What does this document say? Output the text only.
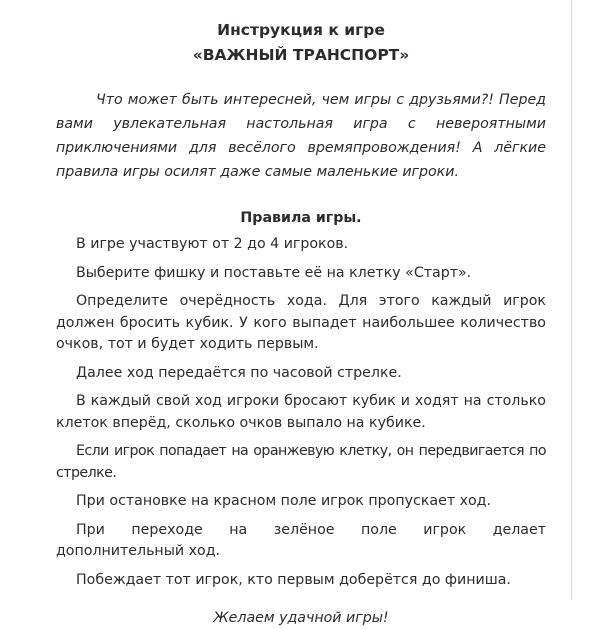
Инструкция к игре

«ВАЖНЫЙ ТРАНСПОРТ»

Что может быть интересней, чем игры с друзьями?! Перед вами увлекательная настольная игра с невероятными приключениями для весёлого времяпровождения! А лёгкие правила игры осилят даже самые маленькие игроки.

Правила игры.

В игре участвуют от 2 до 4 игроков.

Выберите фишку и поставьте её на клетку «Старт».

Определите очерёдность хода. Для этого каждый игрок должен бросить кубик. У кого выпадет наибольшее количество очков, тот и будет ходить первым.

Далее ход передаётся по часовой стрелке.

В каждый свой ход игроки бросают кубик и ходят на столько клеток вперёд, сколько очков выпало на кубике.

Если игрок попадает на оранжевую клетку, он передвигается по стрелке.

При остановке на красном поле игрок пропускает ход.

При переходе на зелёное поле игрок делает дополнительный ход.

Побеждает тот игрок, кто первым доберётся до финиша.

Желаем удачной игры!
